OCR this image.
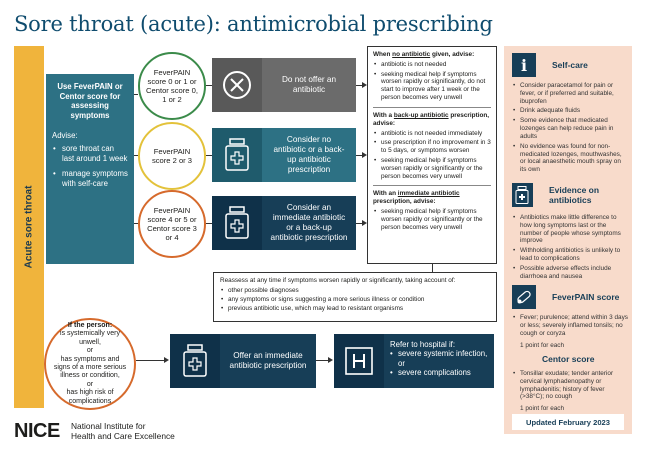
Sore throat (acute): antimicrobial prescribing
Acute sore throat
Use FeverPAIN or Centor score for assessing symptoms
Advise:
• sore throat can last around 1 week
• manage symptoms with self-care
FeverPAIN score 0 or 1 or Centor score 0, 1 or 2
Do not offer an antibiotic
FeverPAIN score 2 or 3
Consider no antibiotic or a back-up antibiotic prescription
FeverPAIN score 4 or 5 or Centor score 3 or 4
Consider an immediate antibiotic or a back-up antibiotic prescription
When no antibiotic given, advise:
• antibiotic is not needed
• seeking medical help if symptoms worsen rapidly or significantly, do not start to improve after 1 week or the person becomes very unwell
With a back-up antibiotic prescription, advise:
• antibiotic is not needed immediately
• use prescription if no improvement in 3 to 5 days, or symptoms worsen
• seeking medical help if symptoms worsen rapidly or significantly or the person becomes very unwell
With an immediate antibiotic prescription, advise:
• seeking medical help if symptoms worsen rapidly or significantly or the person becomes very unwell
Reassess at any time if symptoms worsen rapidly or significantly, taking account of:
• other possible diagnoses
• any symptoms or signs suggesting a more serious illness or condition
• previous antibiotic use, which may lead to resistant organisms
If the person:
is systemically very unwell,
or
has symptoms and signs of a more serious illness or condition,
or
has high risk of complications
Offer an immediate antibiotic prescription
Refer to hospital if:
• severe systemic infection, or
• severe complications
i	Self-care
• Consider paracetamol for pain or fever, or if preferred and suitable, ibuprofen
• Drink adequate fluids
• Some evidence that medicated lozenges can help reduce pain in adults
• No evidence was found for non-medicated lozenges, mouthwashes, or local anaesthetic mouth spray on its own
Evidence on antibiotics
• Antibiotics make little difference to how long symptoms last or the number of people whose symptoms improve
• Withholding antibiotics is unlikely to lead to complications
• Possible adverse effects include diarrhoea and nausea
FeverPAIN score
• Fever; purulence; attend within 3 days or less; severely inflamed tonsils; no cough or coryza
1 point for each
Centor score
• Tonsillar exudate; tender anterior cervical lymphadenopathy or lymphadenitis; history of fever (>38°C); no cough
1 point for each
Updated February 2023
NICE National Institute for
Health and Care Excellence
